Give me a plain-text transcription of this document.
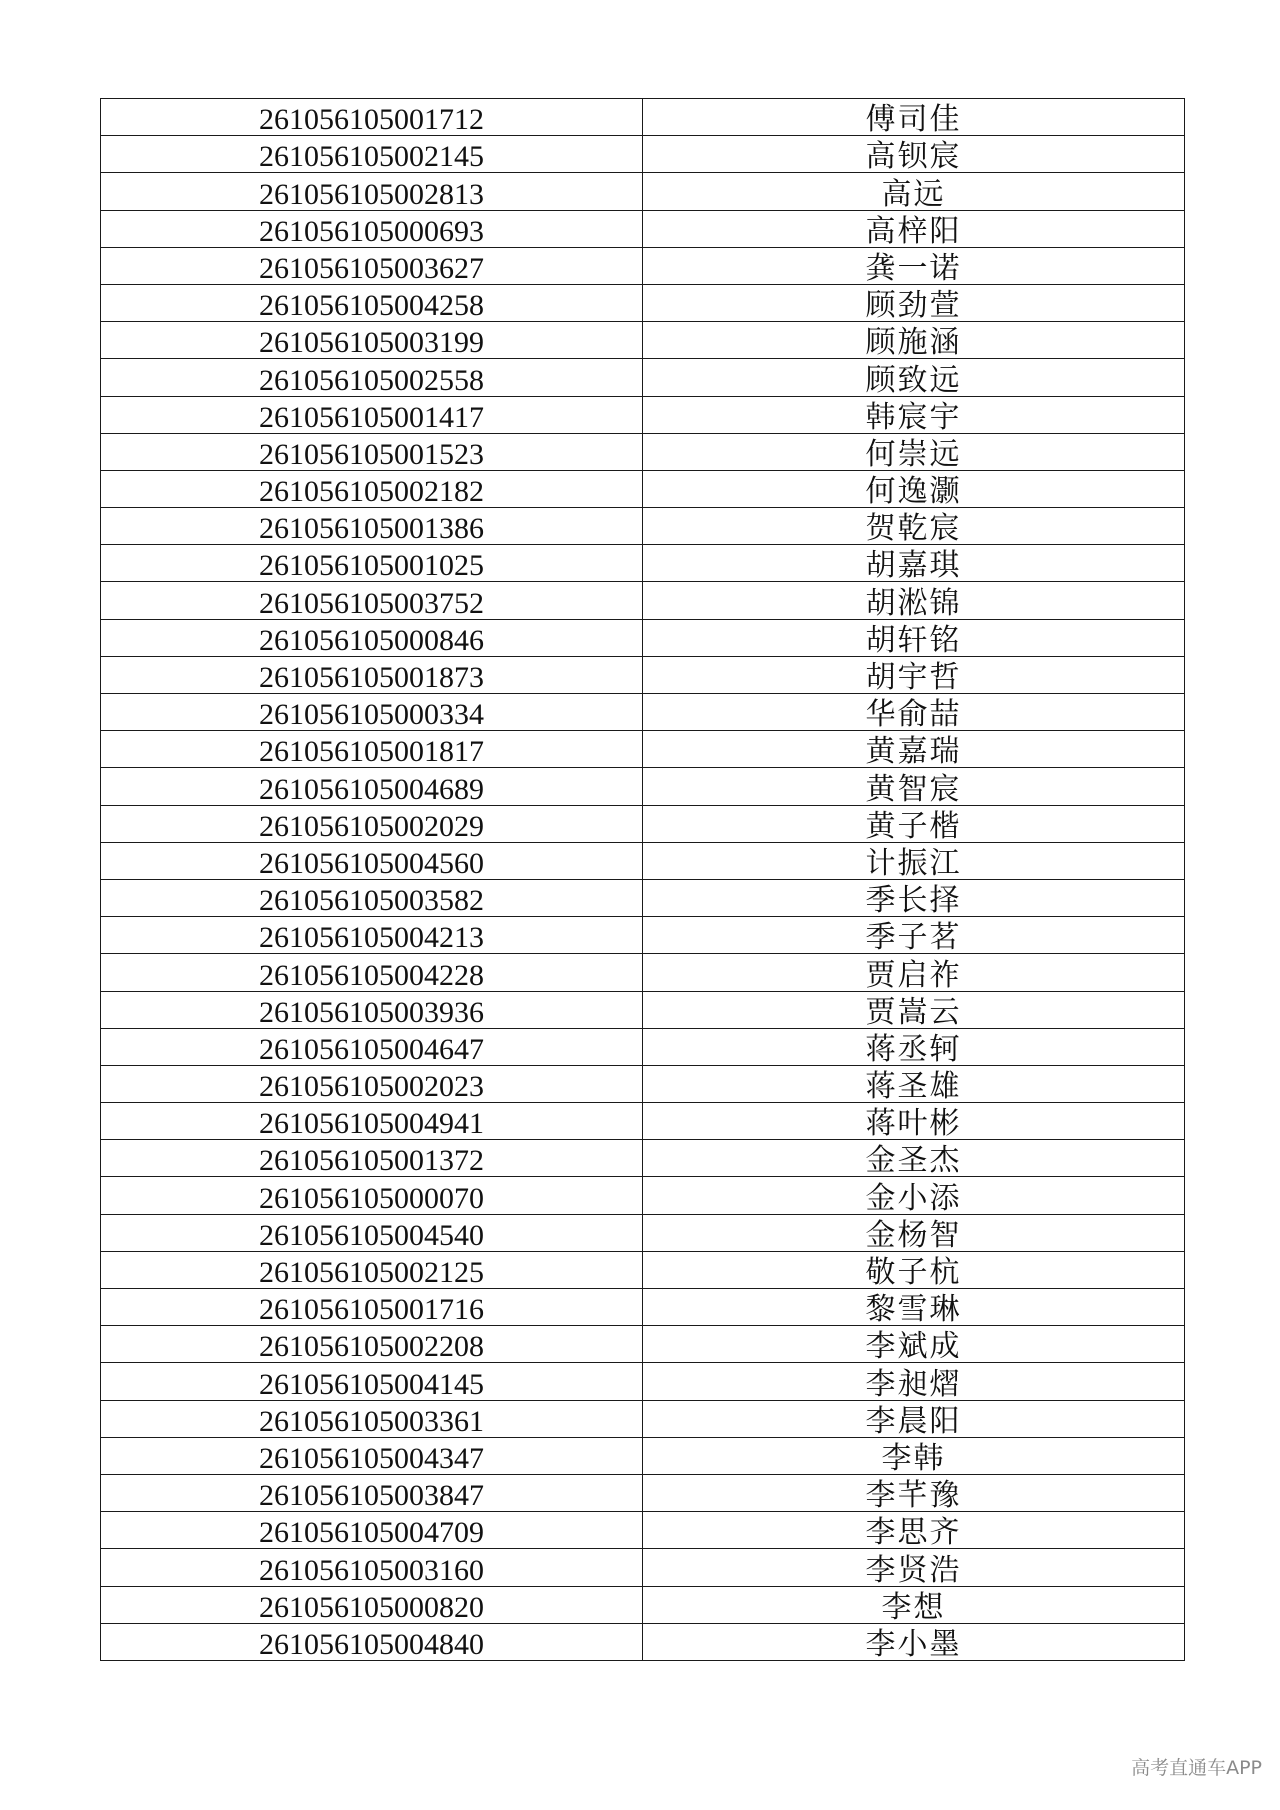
261056105001712	傅司佳
261056105002145	高钡宸
261056105002813	高远
261056105000693	高梓阳
261056105003627	龚一诺
261056105004258	顾劲萱
261056105003199	顾施涵
261056105002558	顾致远
261056105001417	韩宸宇
261056105001523	何崇远
261056105002182	何逸灏
261056105001386	贺乾宸
261056105001025	胡嘉琪
261056105003752	胡淞锦
261056105000846	胡轩铭
261056105001873	胡宇哲
261056105000334	华俞喆
261056105001817	黄嘉瑞
261056105004689	黄智宸
261056105002029	黄子楷
261056105004560	计振江
261056105003582	季长择
261056105004213	季子茗
261056105004228	贾启祚
261056105003936	贾嵩云
261056105004647	蒋丞轲
261056105002023	蒋圣雄
261056105004941	蒋叶彬
261056105001372	金圣杰
261056105000070	金小添
261056105004540	金杨智
261056105002125	敬子杭
261056105001716	黎雪琳
261056105002208	李斌成
261056105004145	李昶熠
261056105003361	李晨阳
261056105004347	李韩
261056105003847	李芊豫
261056105004709	李思齐
261056105003160	李贤浩
261056105000820	李想
261056105004840	李小墨
高考直通车APP
